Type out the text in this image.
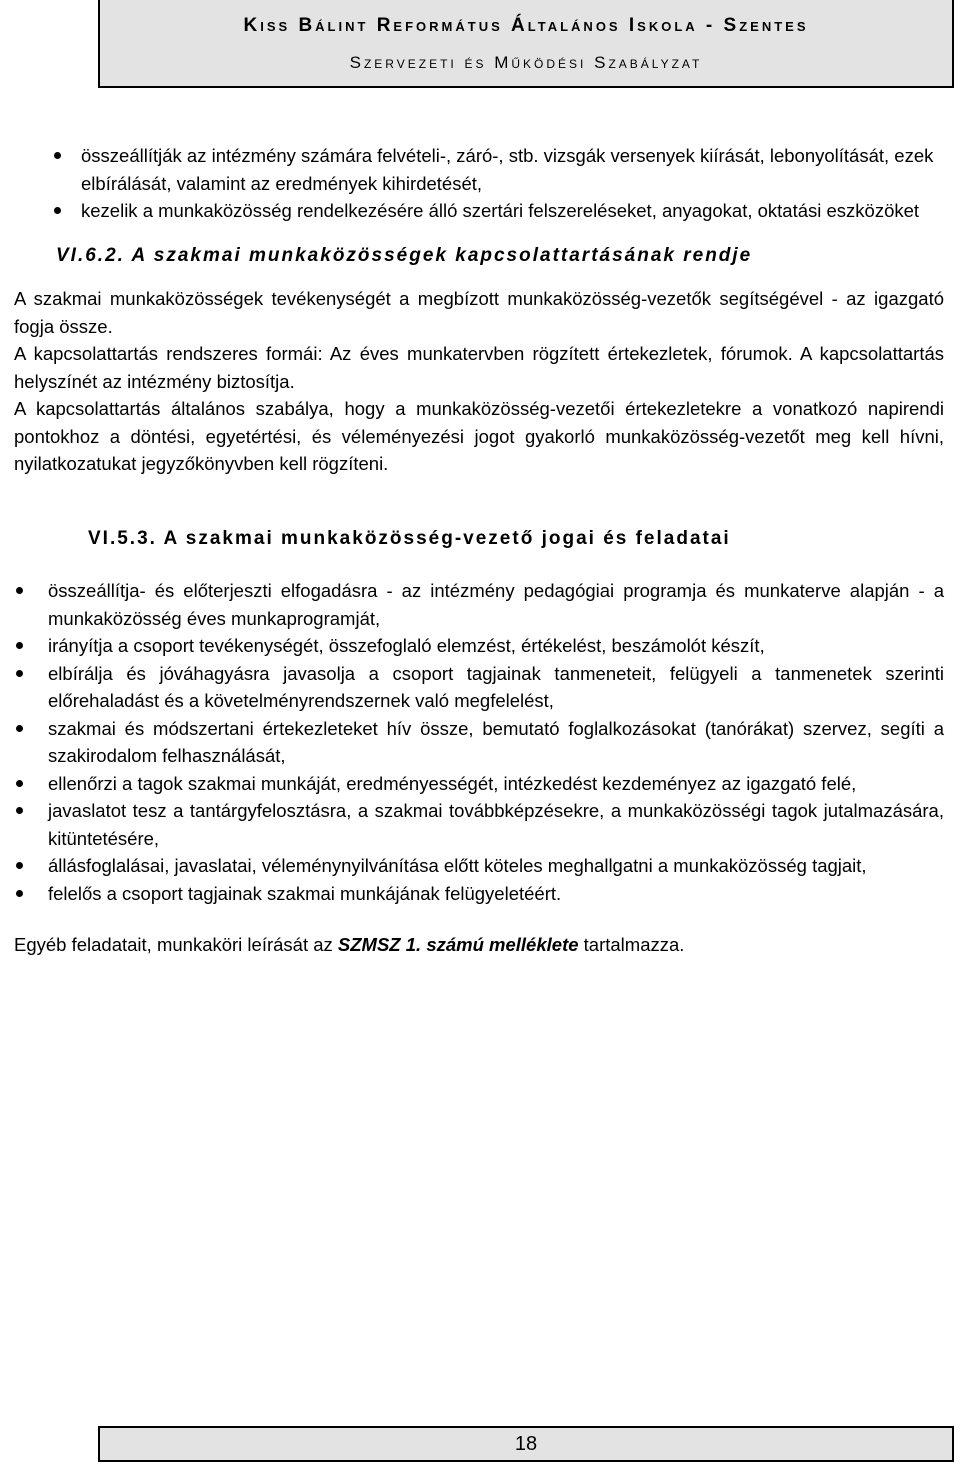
Kiss Bálint Református Általános Iskola - Szentes
Szervezeti és Működési Szabályzat
összeállítják az intézmény számára felvételi-, záró-, stb. vizsgák versenyek kiírását, lebonyolítását, ezek elbírálását, valamint az eredmények kihirdetését,
kezelik a munkaközösség rendelkezésére álló szertári felszereléseket, anyagokat, oktatási eszközöket
VI.6.2. A szakmai munkaközösségek kapcsolattartásának rendje
A szakmai munkaközösségek tevékenységét a megbízott munkaközösség-vezetők segítségével - az igazgató fogja össze.
A kapcsolattartás rendszeres formái: Az éves munkatervben rögzített értekezletek, fórumok. A kapcsolattartás helyszínét az intézmény biztosítja.
A kapcsolattartás általános szabálya, hogy a munkaközösség-vezetői értekezletekre a vonatkozó napirendi pontokhoz a döntési, egyetértési, és véleményezési jogot gyakorló munkaközösség-vezetőt meg kell hívni, nyilatkozatukat jegyzőkönyvben kell rögzíteni.
VI.5.3. A szakmai munkaközösség-vezető jogai és feladatai
összeállítja- és előterjeszti elfogadásra - az intézmény pedagógiai programja és munkaterve alapján - a munkaközösség éves munkaprogramját,
irányítja a csoport tevékenységét, összefoglaló elemzést, értékelést, beszámolót készít,
elbírálja és jóváhagyásra javasolja a csoport tagjainak tanmeneteit, felügyeli a tanmenetek szerinti előrehaladást és a követelményrendszernek való megfelelést,
szakmai és módszertani értekezleteket hív össze, bemutató foglalkozásokat (tanórákat) szervez, segíti a szakirodalom felhasználását,
ellenőrzi a tagok szakmai munkáját, eredményességét, intézkedést kezdeményez az igazgató felé,
javaslatot tesz a tantárgyfelosztásra, a szakmai továbbképzésekre, a munkaközösségi tagok jutalmazására, kitüntetésére,
állásfoglalásai, javaslatai, véleménynyilvánítása előtt köteles meghallgatni a munkaközösség tagjait,
felelős a csoport tagjainak szakmai munkájának felügyeletéért.
Egyéb feladatait, munkaköri leírását az SZMSZ 1. számú melléklete tartalmazza.
18
